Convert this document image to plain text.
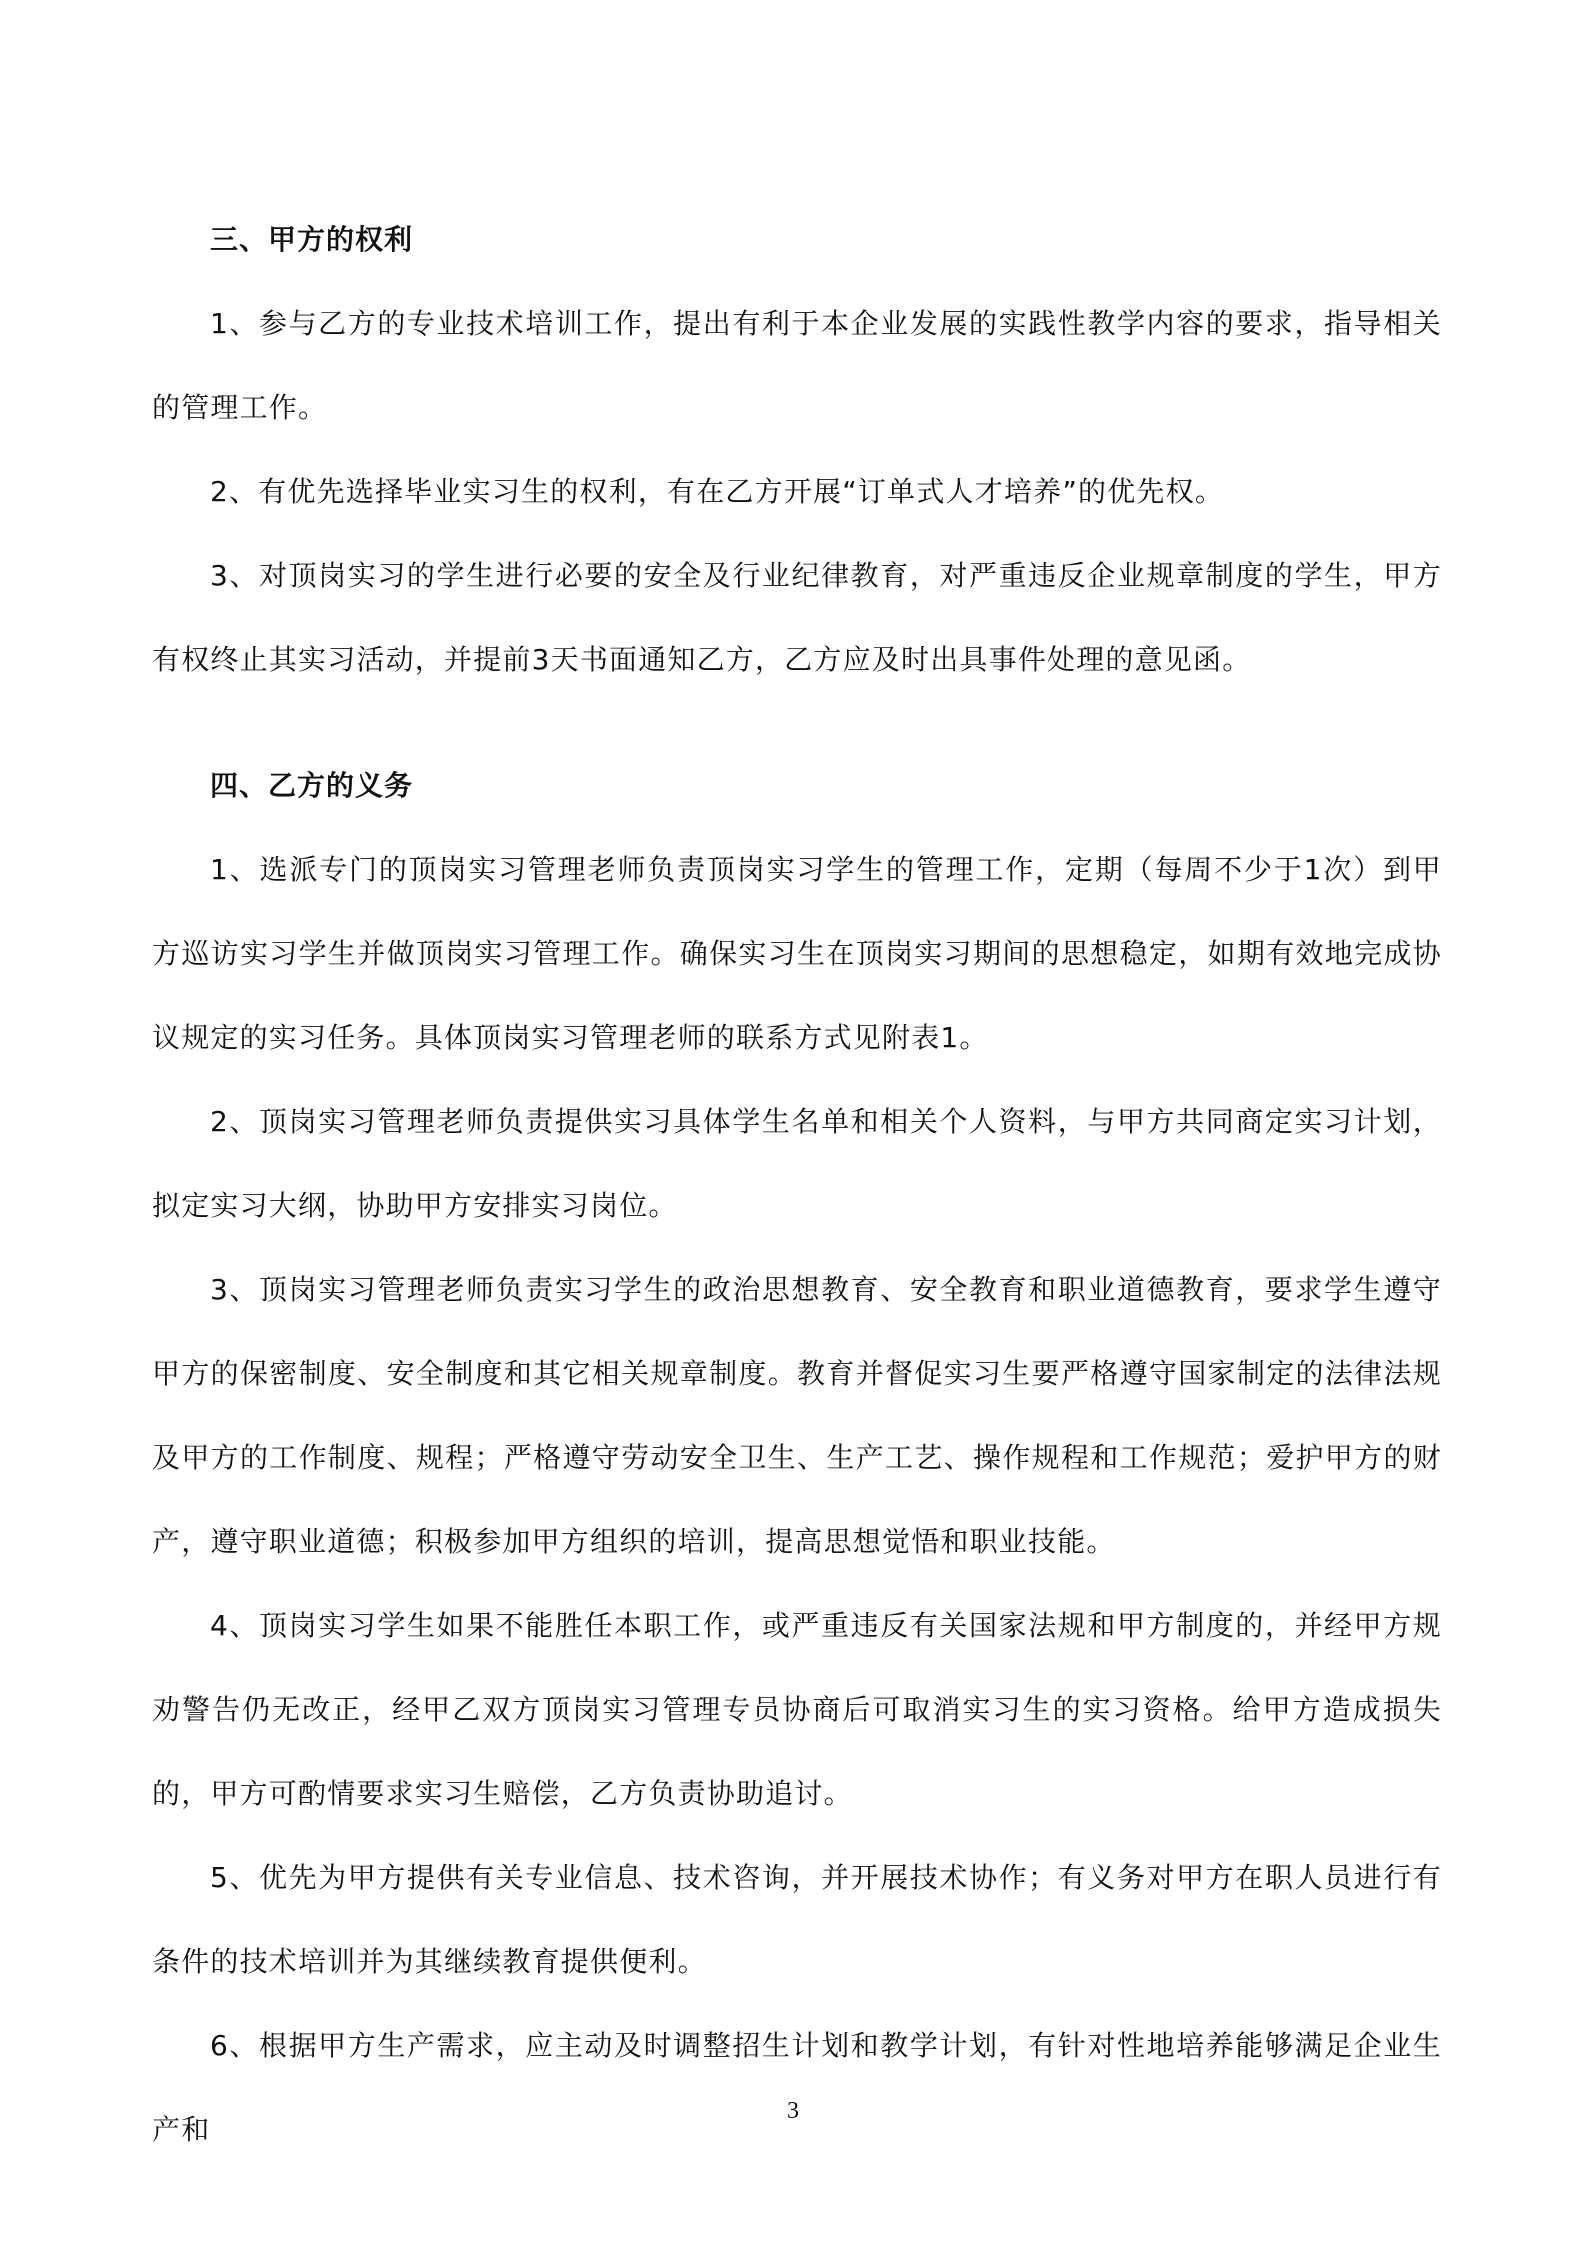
三、甲方的权利

1、参与乙方的专业技术培训工作，提出有利于本企业发展的实践性教学内容的要求，指导相关的管理工作。

2、有优先选择毕业实习生的权利，有在乙方开展“订单式人才培养”的优先权。

3、对顶岗实习的学生进行必要的安全及行业纪律教育，对严重违反企业规章制度的学生，甲方有权终止其实习活动，并提前3天书面通知乙方，乙方应及时出具事件处理的意见函。

四、乙方的义务

1、选派专门的顶岗实习管理老师负责顶岗实习学生的管理工作，定期（每周不少于1次）到甲方巡访实习学生并做顶岗实习管理工作。确保实习生在顶岗实习期间的思想稳定，如期有效地完成协议规定的实习任务。具体顶岗实习管理老师的联系方式见附表1。

2、顶岗实习管理老师负责提供实习具体学生名单和相关个人资料，与甲方共同商定实习计划，拟定实习大纲，协助甲方安排实习岗位。

3、顶岗实习管理老师负责实习学生的政治思想教育、安全教育和职业道德教育，要求学生遵守甲方的保密制度、安全制度和其它相关规章制度。教育并督促实习生要严格遵守国家制定的法律法规及甲方的工作制度、规程；严格遵守劳动安全卫生、生产工艺、操作规程和工作规范；爱护甲方的财产，遵守职业道德；积极参加甲方组织的培训，提高思想觉悟和职业技能。

4、顶岗实习学生如果不能胜任本职工作，或严重违反有关国家法规和甲方制度的，并经甲方规劝警告仍无改正，经甲乙双方顶岗实习管理专员协商后可取消实习生的实习资格。给甲方造成损失的，甲方可酌情要求实习生赔偿，乙方负责协助追讨。

5、优先为甲方提供有关专业信息、技术咨询，并开展技术协作；有义务对甲方在职人员进行有条件的技术培训并为其继续教育提供便利。

6、根据甲方生产需求，应主动及时调整招生计划和教学计划，有针对性地培养能够满足企业生产和

3
